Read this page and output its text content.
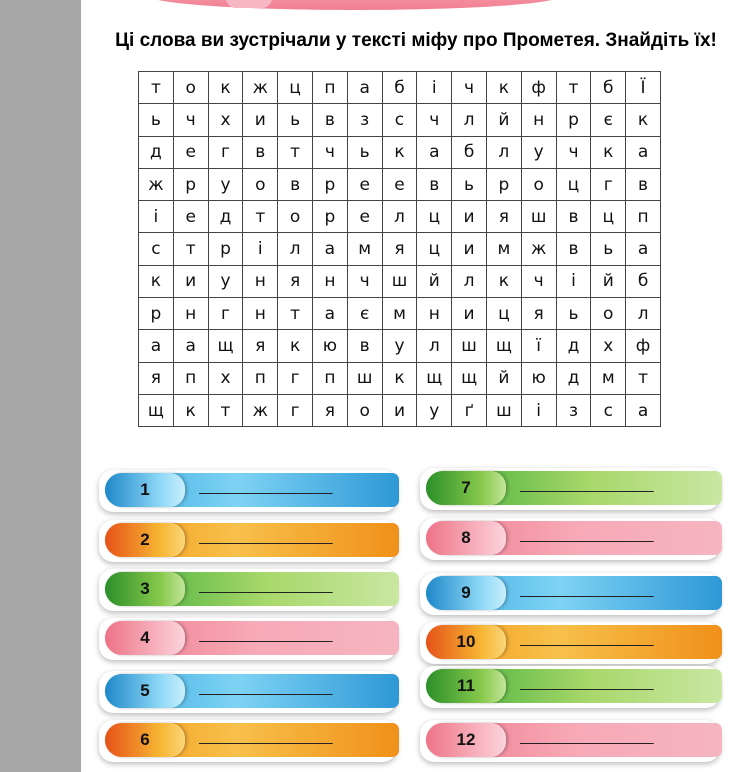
Ці слова ви зустрічали у тексті міфу про Прометея. Знайдіть їх!
т	о	к	ж	ц	п	а	б	і	ч	к	ф	т	б	Ї
ь	ч	х	и	ь	в	з	с	ч	л	й	н	р	є	к
д	е	г	в	т	ч	ь	к	а	б	л	у	ч	к	а
ж	р	у	о	в	р	е	е	в	ь	р	о	ц	г	в
і	е	д	т	о	р	е	л	ц	и	я	ш	в	ц	п
с	т	р	і	л	а	м	я	ц	и	м	ж	в	ь	а
к	и	у	н	я	н	ч	ш	й	л	к	ч	і	й	б
р	н	г	н	т	а	є	м	н	и	ц	я	ь	о	л
а	а	щ	я	к	ю	в	у	л	ш	щ	ї	д	х	ф
я	п	х	п	г	п	ш	к	щ	щ	й	ю	д	м	т
щ	к	т	ж	г	я	о	и	у	ґ	ш	і	з	с	а
1	_______________
2	_______________
3	_______________
4	_______________
5	_______________
6	_______________
7	_______________
8	_______________
9	_______________
10	_______________
11	_______________
12	_______________
